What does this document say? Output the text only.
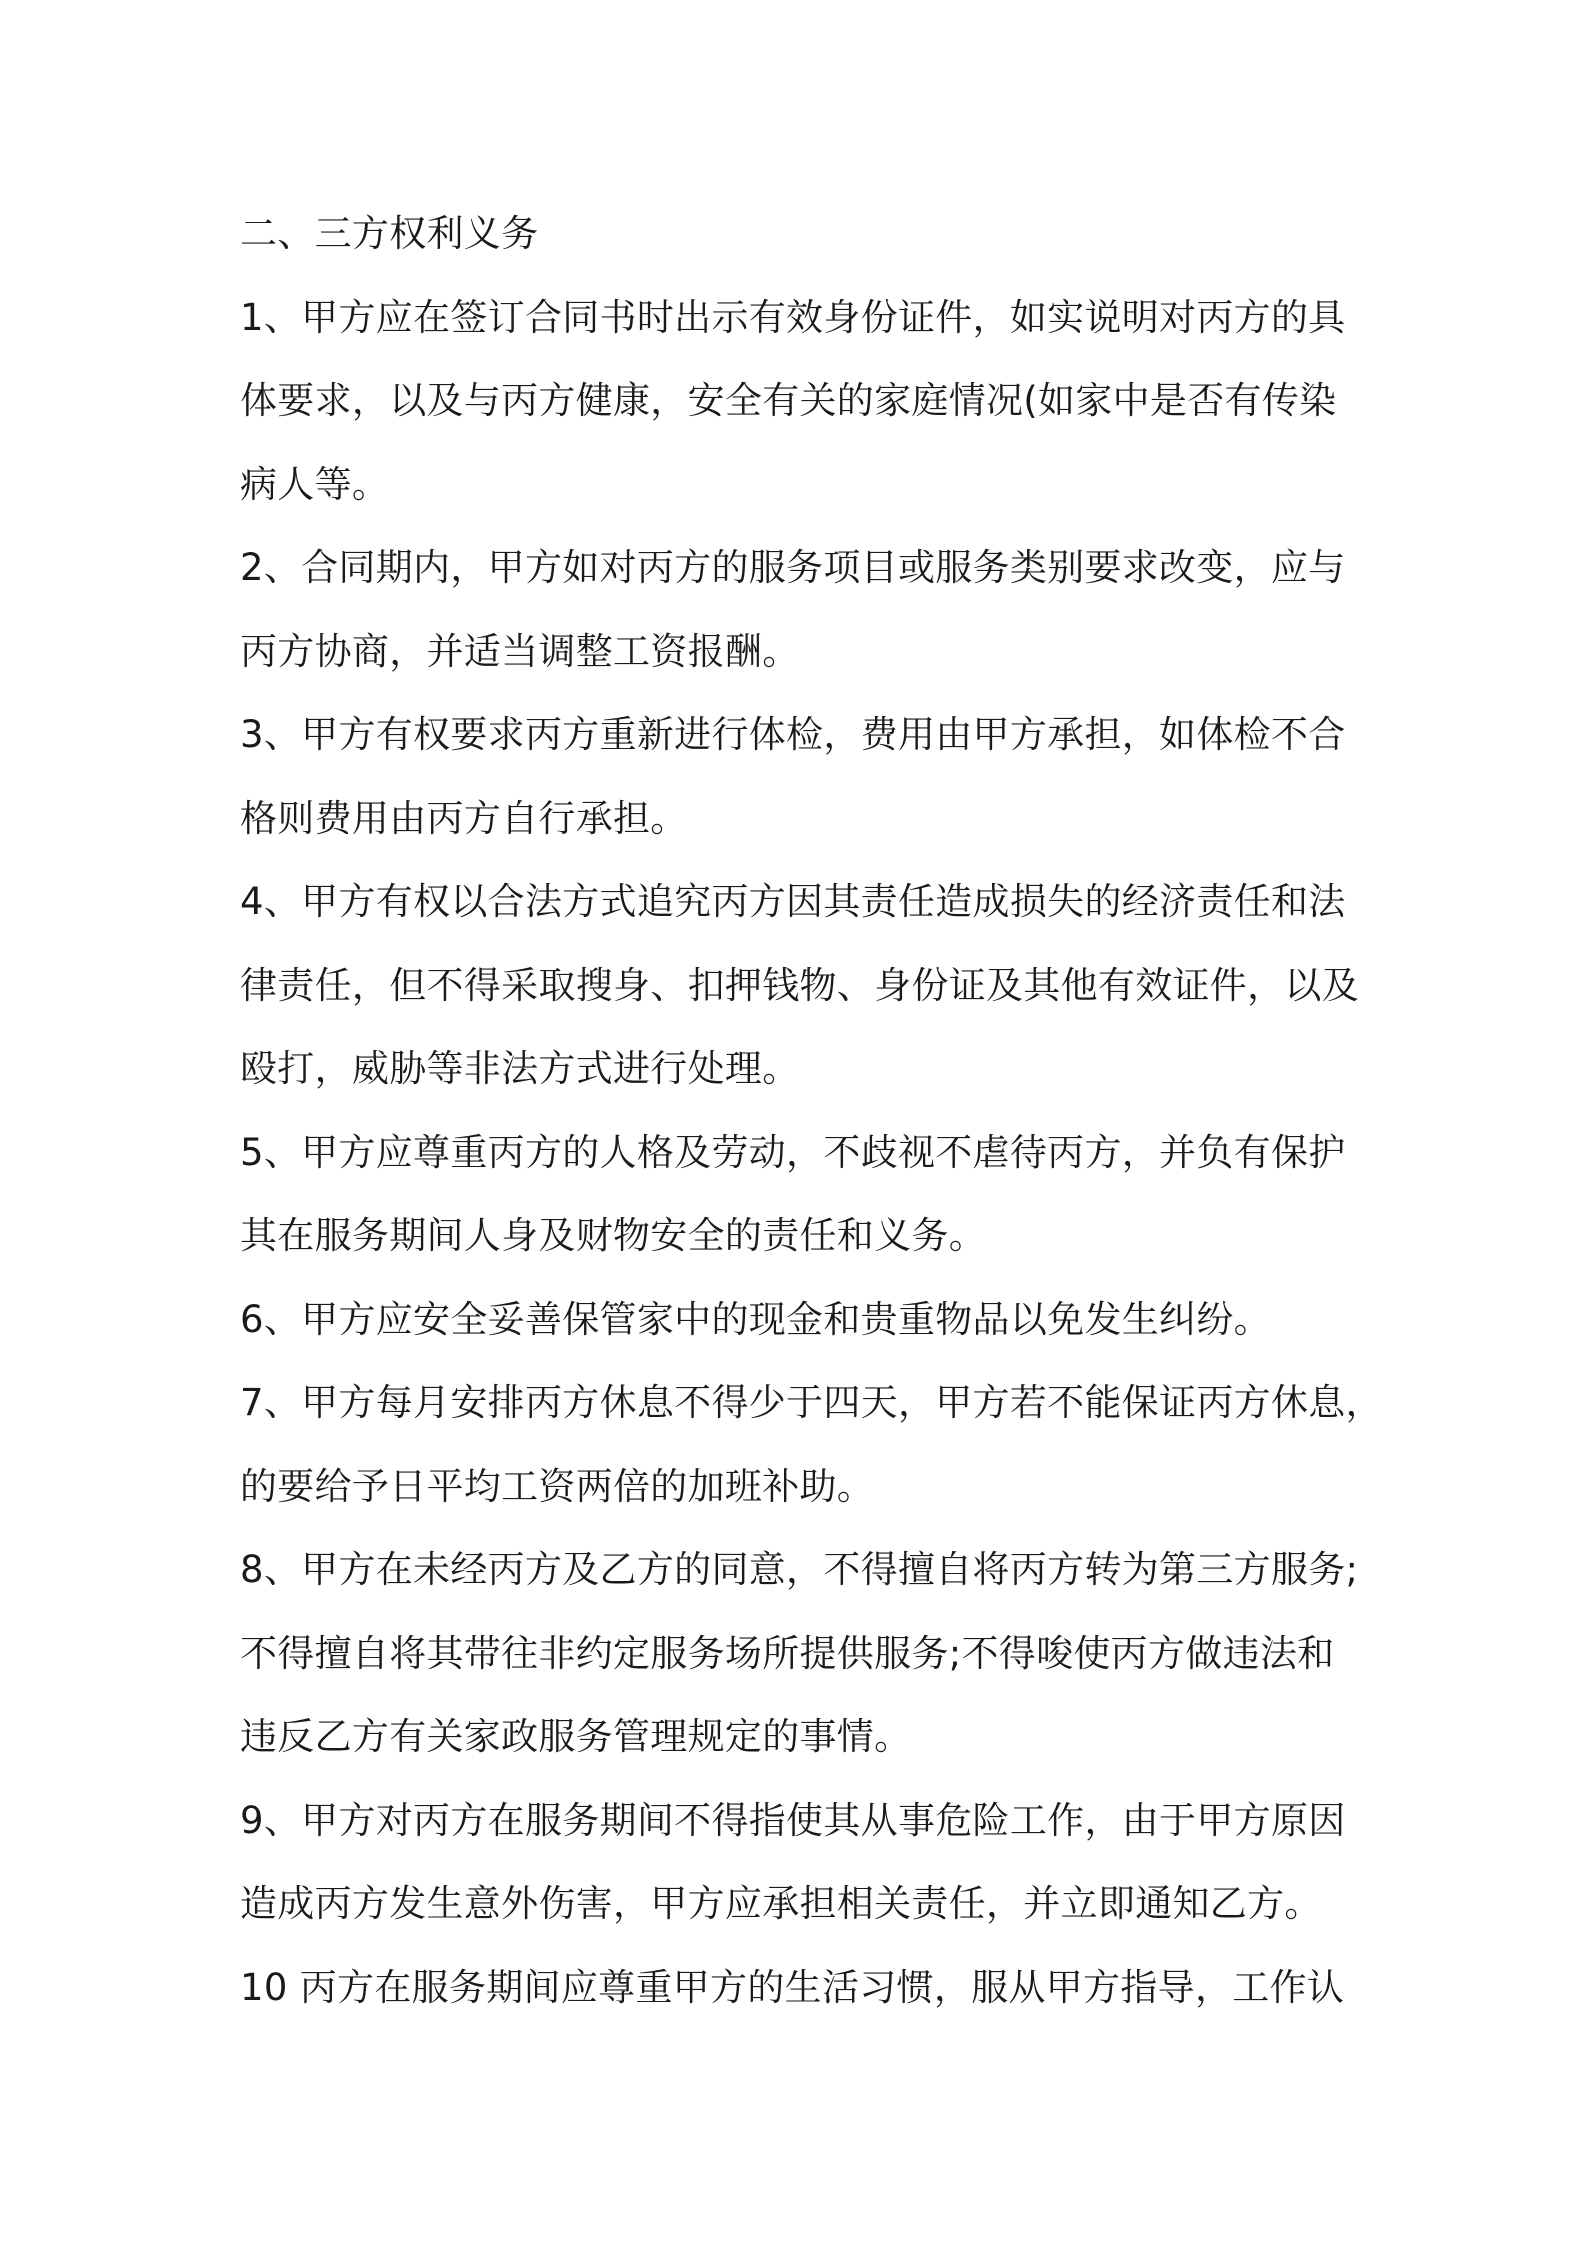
二、三方权利义务
1、甲方应在签订合同书时出示有效身份证件，如实说明对丙方的具
体要求，以及与丙方健康，安全有关的家庭情况(如家中是否有传染
病人等。
2、合同期内，甲方如对丙方的服务项目或服务类别要求改变，应与
丙方协商，并适当调整工资报酬。
3、甲方有权要求丙方重新进行体检，费用由甲方承担，如体检不合
格则费用由丙方自行承担。
4、甲方有权以合法方式追究丙方因其责任造成损失的经济责任和法
律责任，但不得采取搜身、扣押钱物、身份证及其他有效证件，以及
殴打，威胁等非法方式进行处理。
5、甲方应尊重丙方的人格及劳动，不歧视不虐待丙方，并负有保护
其在服务期间人身及财物安全的责任和义务。
6、甲方应安全妥善保管家中的现金和贵重物品以免发生纠纷。
7、甲方每月安排丙方休息不得少于四天，甲方若不能保证丙方休息，
的要给予日平均工资两倍的加班补助。
8、甲方在未经丙方及乙方的同意，不得擅自将丙方转为第三方服务;
不得擅自将其带往非约定服务场所提供服务;不得唆使丙方做违法和
违反乙方有关家政服务管理规定的事情。
9、甲方对丙方在服务期间不得指使其从事危险工作，由于甲方原因
造成丙方发生意外伤害，甲方应承担相关责任，并立即通知乙方。
10 丙方在服务期间应尊重甲方的生活习惯，服从甲方指导，工作认
